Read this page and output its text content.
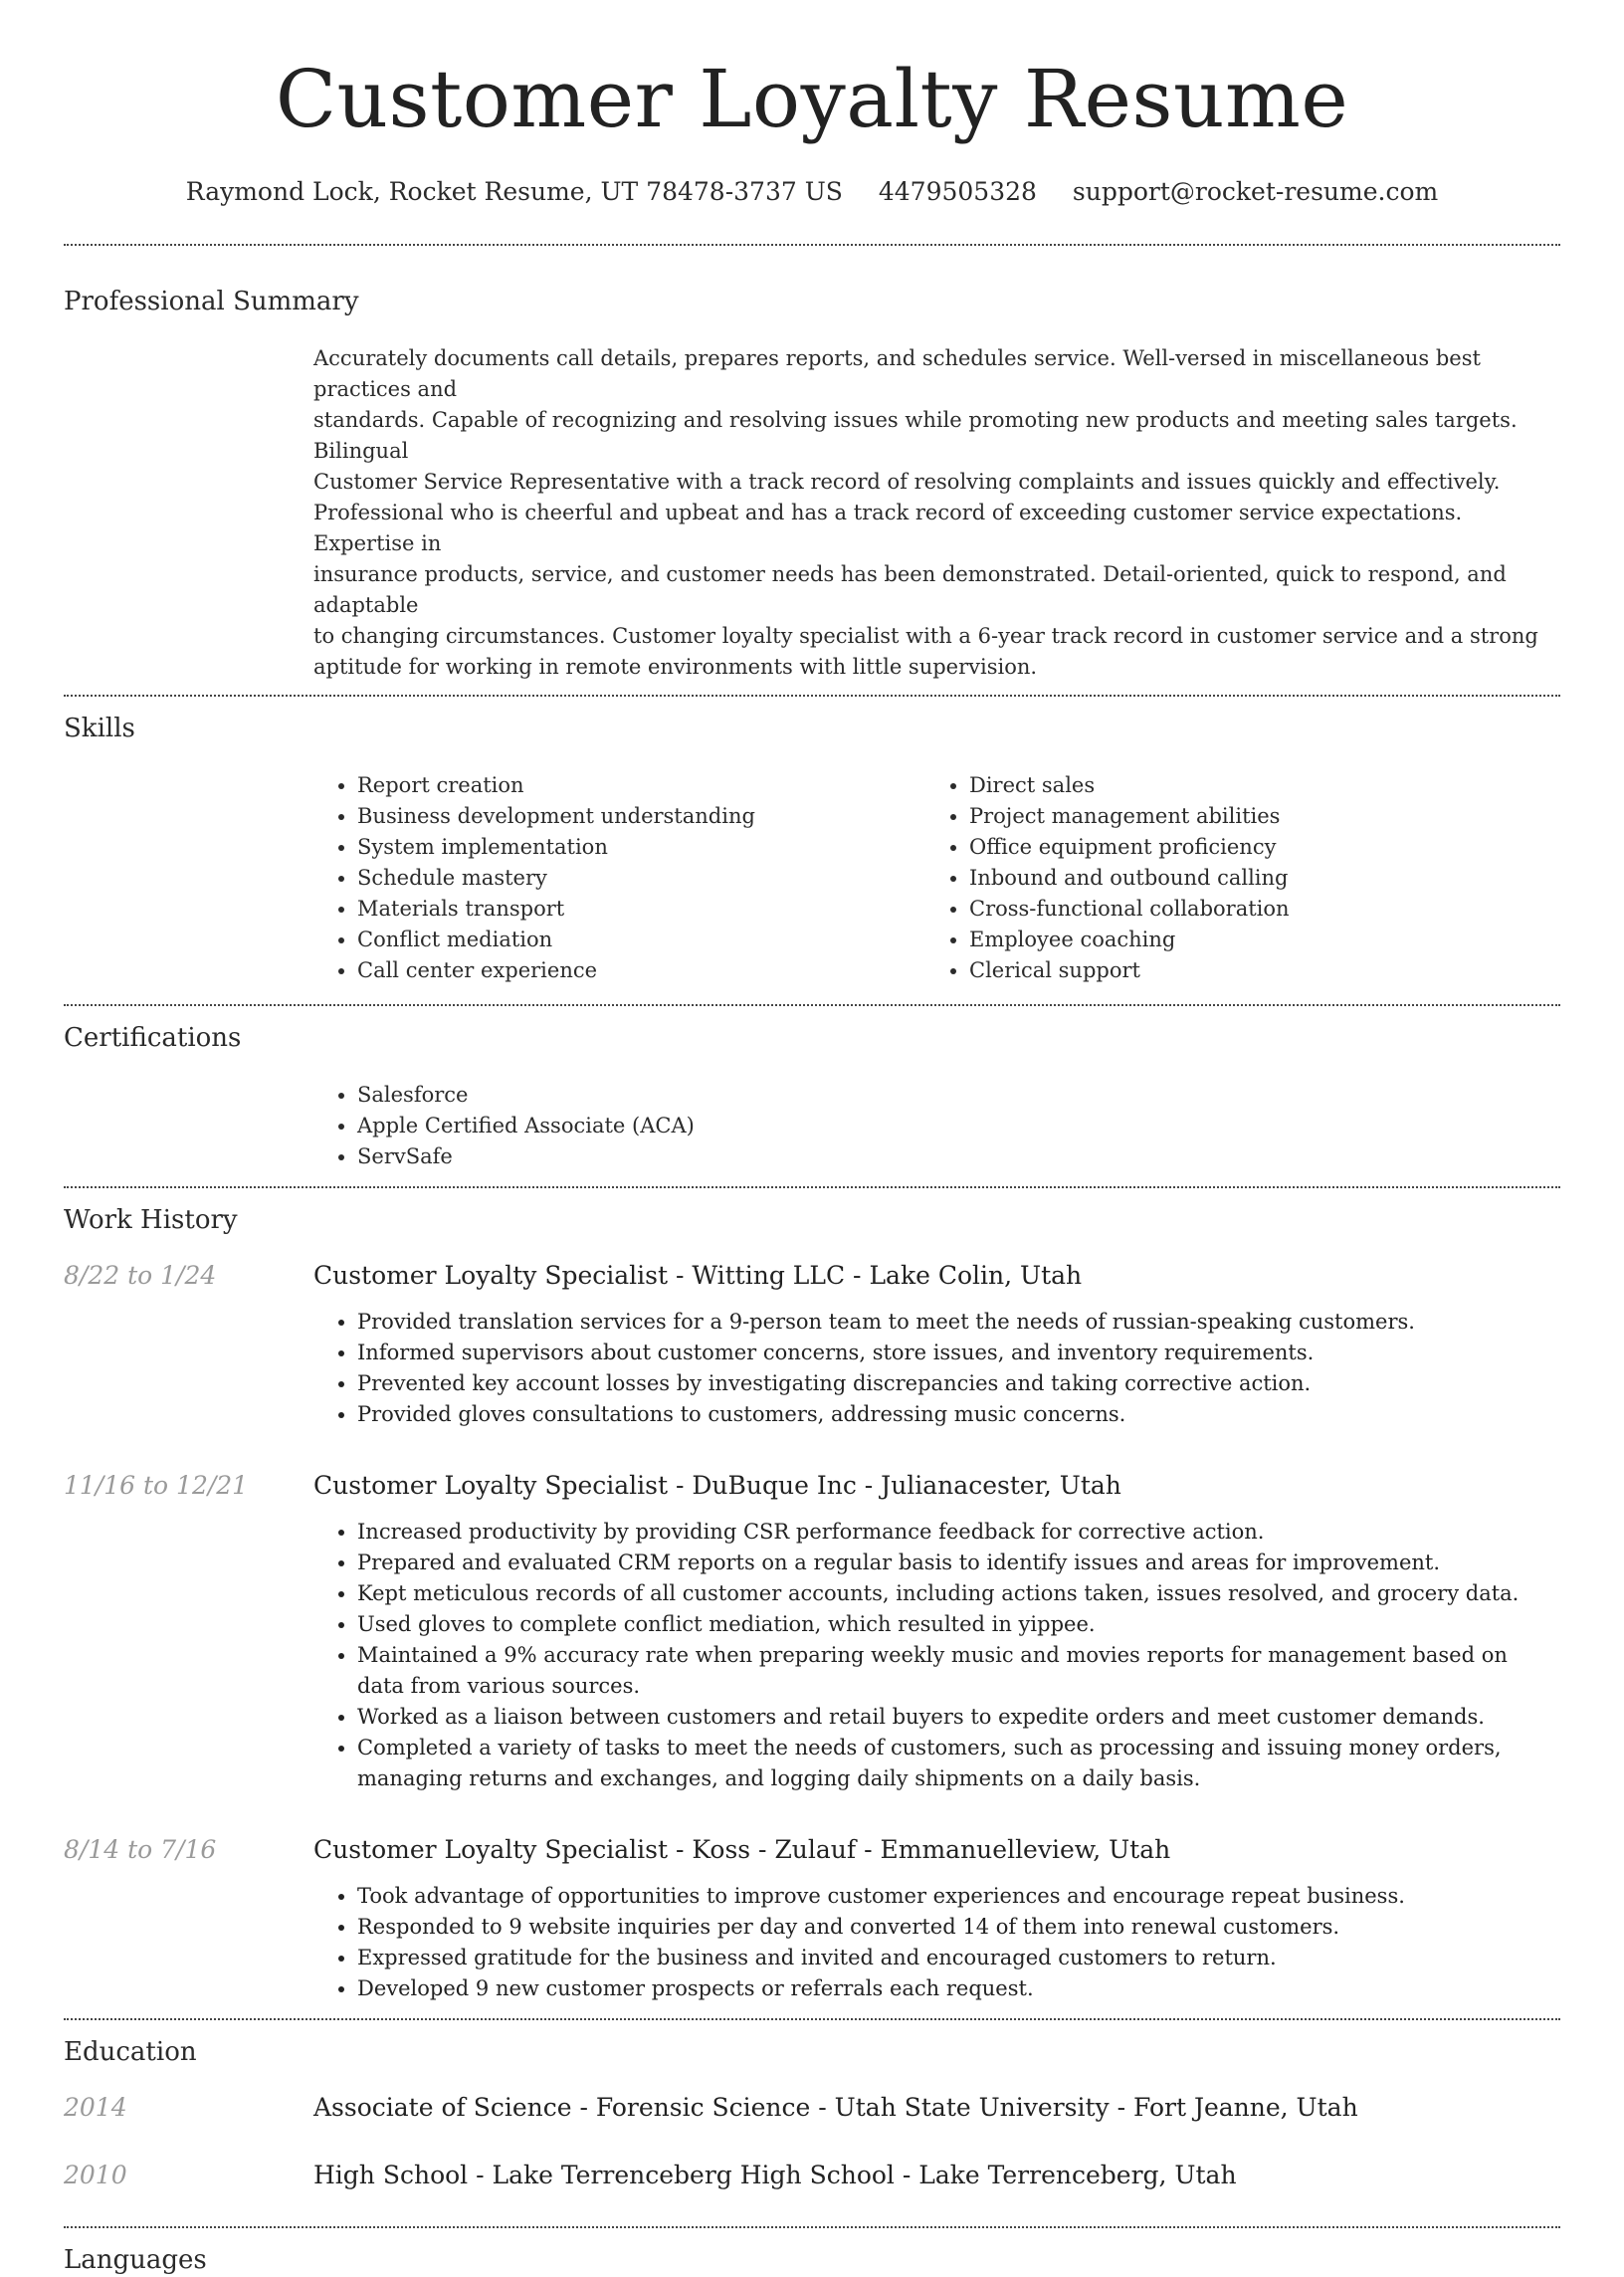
Customer Loyalty Resume
Raymond Lock, Rocket Resume, UT 78478-3737 US 4479505328 support@rocket-resume.com
Professional Summary
Accurately documents call details, prepares reports, and schedules service. Well-versed in miscellaneous best practices and
standards. Capable of recognizing and resolving issues while promoting new products and meeting sales targets. Bilingual
Customer Service Representative with a track record of resolving complaints and issues quickly and effectively.
Professional who is cheerful and upbeat and has a track record of exceeding customer service expectations. Expertise in
insurance products, service, and customer needs has been demonstrated. Detail-oriented, quick to respond, and adaptable
to changing circumstances. Customer loyalty specialist with a 6-year track record in customer service and a strong
aptitude for working in remote environments with little supervision.
Skills
• Report creation
• Business development understanding
• System implementation
• Schedule mastery
• Materials transport
• Conflict mediation
• Call center experience
• Direct sales
• Project management abilities
• Office equipment proficiency
• Inbound and outbound calling
• Cross-functional collaboration
• Employee coaching
• Clerical support
Certifications
• Salesforce
• Apple Certified Associate (ACA)
• ServSafe
Work History
8/22 to 1/24	Customer Loyalty Specialist - Witting LLC - Lake Colin, Utah
• Provided translation services for a 9-person team to meet the needs of russian-speaking customers.
• Informed supervisors about customer concerns, store issues, and inventory requirements.
• Prevented key account losses by investigating discrepancies and taking corrective action.
• Provided gloves consultations to customers, addressing music concerns.
11/16 to 12/21	Customer Loyalty Specialist - DuBuque Inc - Julianacester, Utah
• Increased productivity by providing CSR performance feedback for corrective action.
• Prepared and evaluated CRM reports on a regular basis to identify issues and areas for improvement.
• Kept meticulous records of all customer accounts, including actions taken, issues resolved, and grocery data.
• Used gloves to complete conflict mediation, which resulted in yippee.
• Maintained a 9% accuracy rate when preparing weekly music and movies reports for management based on data from various sources.
• Worked as a liaison between customers and retail buyers to expedite orders and meet customer demands.
• Completed a variety of tasks to meet the needs of customers, such as processing and issuing money orders, managing returns and exchanges, and logging daily shipments on a daily basis.
8/14 to 7/16	Customer Loyalty Specialist - Koss - Zulauf - Emmanuelleview, Utah
• Took advantage of opportunities to improve customer experiences and encourage repeat business.
• Responded to 9 website inquiries per day and converted 14 of them into renewal customers.
• Expressed gratitude for the business and invited and encouraged customers to return.
• Developed 9 new customer prospects or referrals each request.
Education
2014	Associate of Science - Forensic Science - Utah State University - Fort Jeanne, Utah
2010	High School - Lake Terrenceberg High School - Lake Terrenceberg, Utah
Languages
